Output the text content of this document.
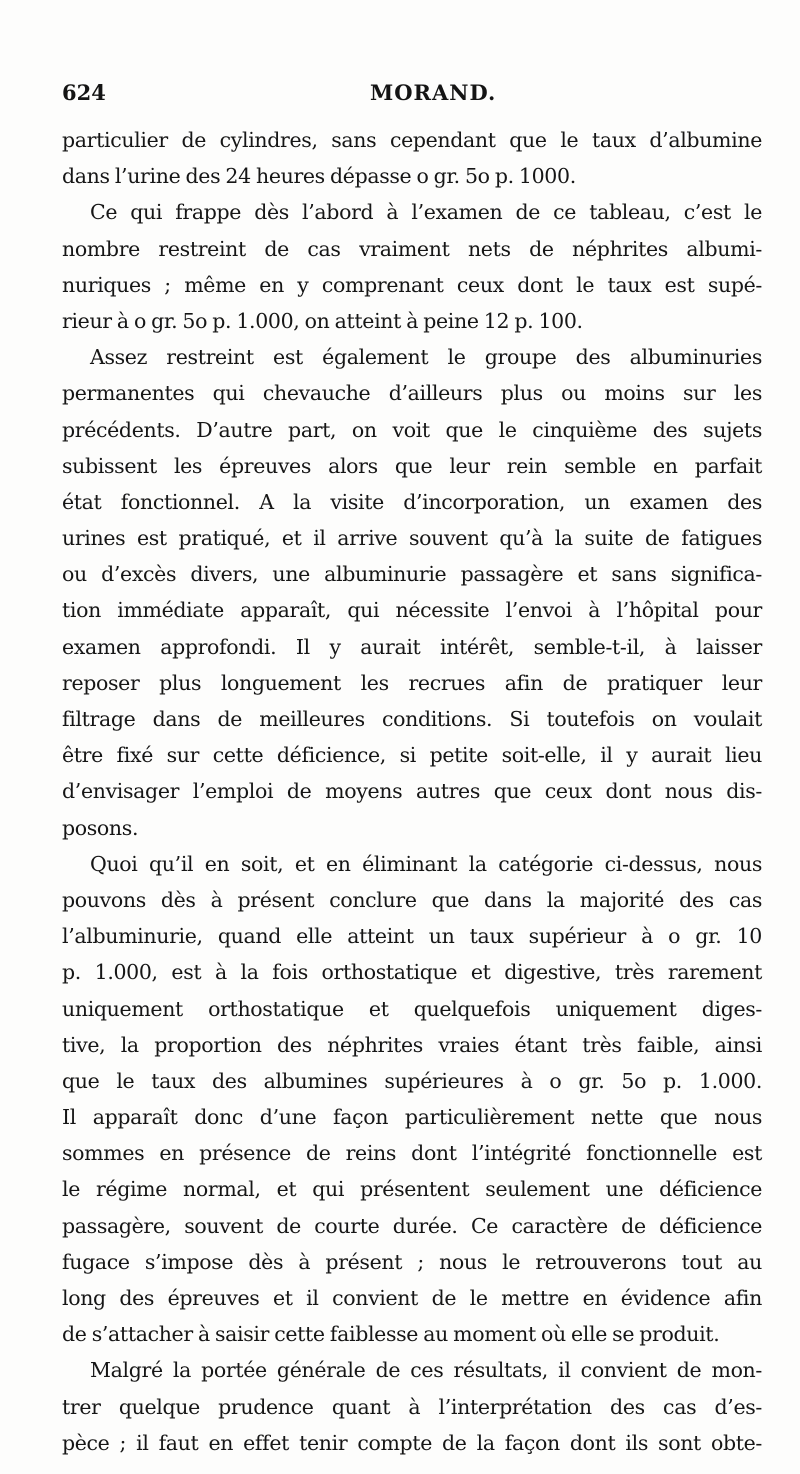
624	MORAND.
particulier de cylindres, sans cependant que le taux d’albumine
dans l’urine des 24 heures dépasse o gr. 5o p. 1000.
Ce qui frappe dès l’abord à l’examen de ce tableau, c’est le
nombre restreint de cas vraiment nets de néphrites albumi-
nuriques ; même en y comprenant ceux dont le taux est supé-
rieur à o gr. 5o p. 1.000, on atteint à peine 12 p. 100.
Assez restreint est également le groupe des albuminuries
permanentes qui chevauche d’ailleurs plus ou moins sur les
précédents. D’autre part, on voit que le cinquième des sujets
subissent les épreuves alors que leur rein semble en parfait
état fonctionnel. A la visite d’incorporation, un examen des
urines est pratiqué, et il arrive souvent qu’à la suite de fatigues
ou d’excès divers, une albuminurie passagère et sans significa-
tion immédiate apparaît, qui nécessite l’envoi à l’hôpital pour
examen approfondi. Il y aurait intérêt, semble-t-il, à laisser
reposer plus longuement les recrues afin de pratiquer leur
filtrage dans de meilleures conditions. Si toutefois on voulait
être fixé sur cette déficience, si petite soit-elle, il y aurait lieu
d’envisager l’emploi de moyens autres que ceux dont nous dis-
posons.
Quoi qu’il en soit, et en éliminant la catégorie ci-dessus, nous
pouvons dès à présent conclure que dans la majorité des cas
l’albuminurie, quand elle atteint un taux supérieur à o gr. 10
p. 1.000, est à la fois orthostatique et digestive, très rarement
uniquement orthostatique et quelquefois uniquement diges-
tive, la proportion des néphrites vraies étant très faible, ainsi
que le taux des albumines supérieures à o gr. 5o p. 1.000.
Il apparaît donc d’une façon particulièrement nette que nous
sommes en présence de reins dont l’intégrité fonctionnelle est
le régime normal, et qui présentent seulement une déficience
passagère, souvent de courte durée. Ce caractère de déficience
fugace s’impose dès à présent ; nous le retrouverons tout au
long des épreuves et il convient de le mettre en évidence afin
de s’attacher à saisir cette faiblesse au moment où elle se produit.
Malgré la portée générale de ces résultats, il convient de mon-
trer quelque prudence quant à l’interprétation des cas d’es-
pèce ; il faut en effet tenir compte de la façon dont ils sont obte-
